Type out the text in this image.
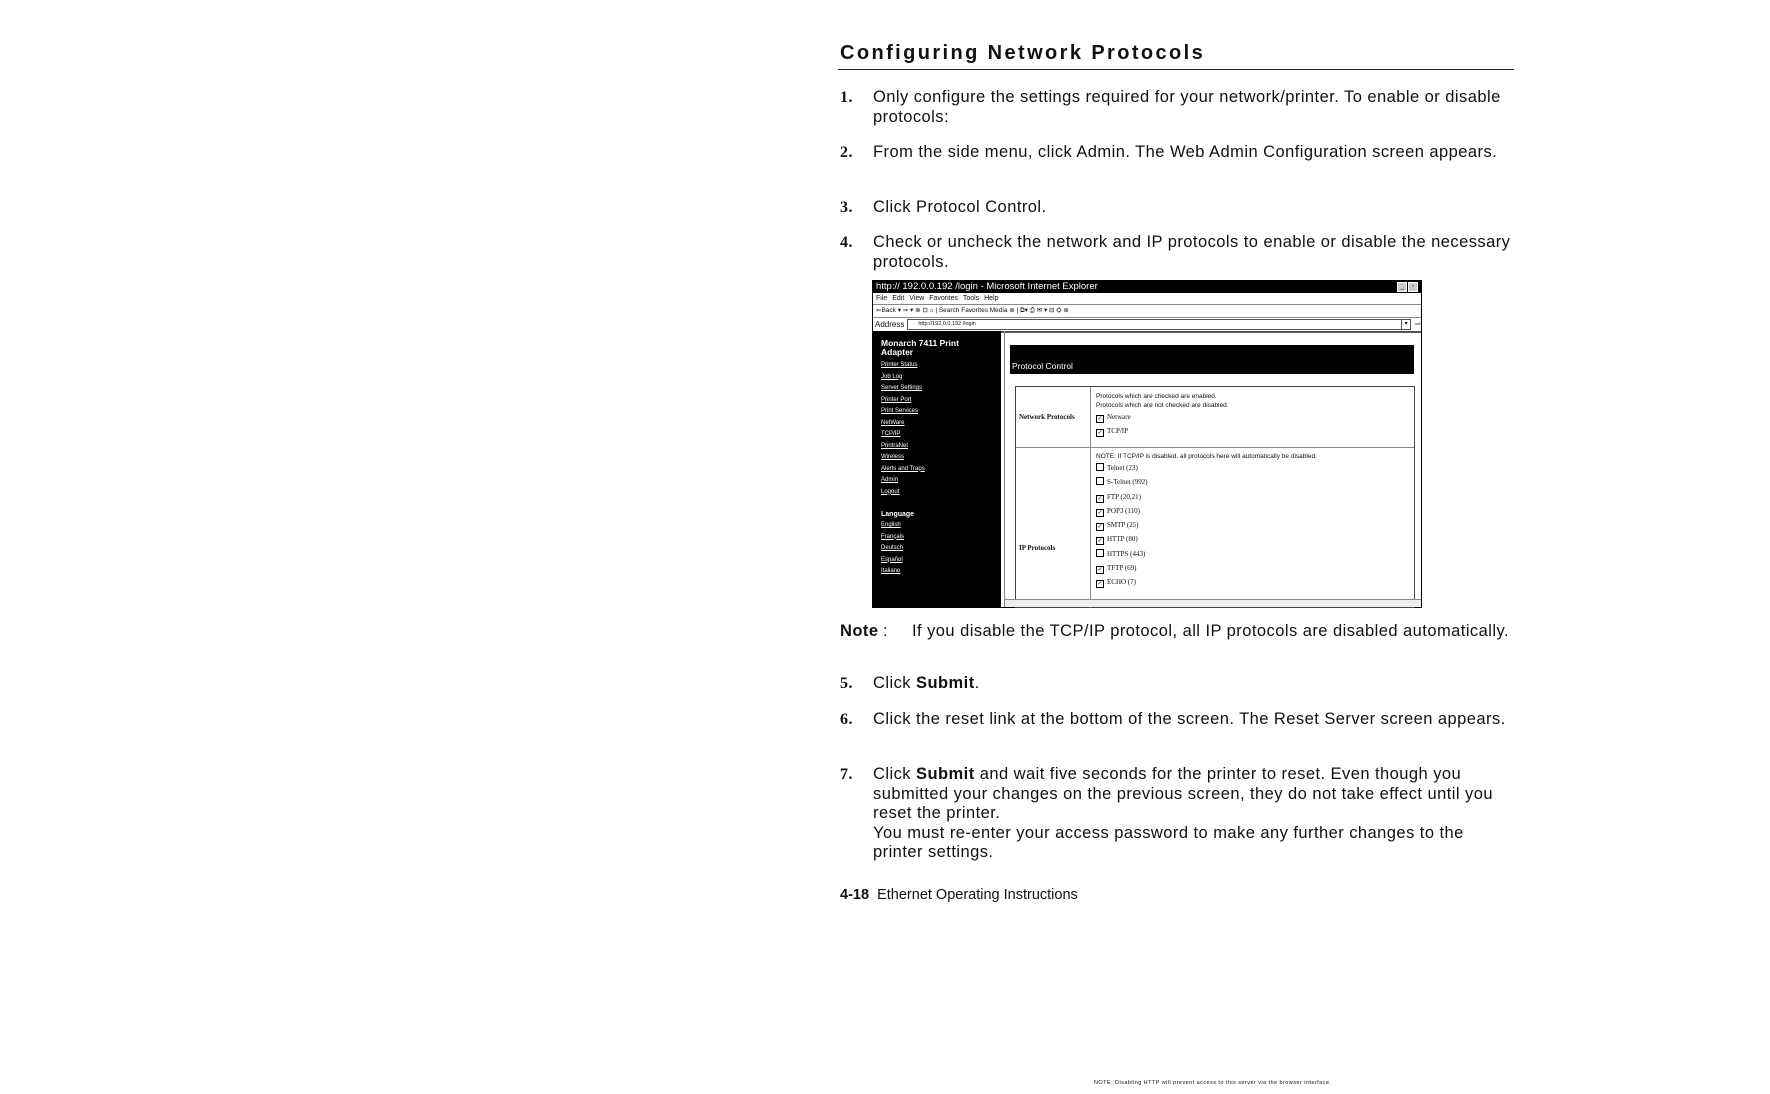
Configuring Network Protocols
1. Only configure the settings required for your network/printer. To enable or disable protocols:
2. From the side menu, click Admin. The Web Admin Configuration screen appears.
3. Click Protocol Control.
4. Check or uncheck the network and IP protocols to enable or disable the necessary protocols.
http:// 192.0.0.192 /login - Microsoft Internet Explorer	_	▫
File Edit View Favorites Tools Help
⇐Back ▾ ⇒ ▾ ⊗ ⊡ ⌂ | Search Favorites Media ⊛ | ⧉▾ ⎙ ✉ ▾ ⊟ ⛭ ⊕
Address	http://192.0.0.192 /login	▾	⇨
Monarch 7411 Print Adapter
Printer Status
Job Log
Server Settings
Printer Port
Print Services
NetWare
TCP/IP
PrintraNet
Wireless
Alerts and Traps
Admin
Logout
Language
English
Français
Deutsch
Español
Italiano
Protocol Control
Network Protocols
Protocols which are checked are enabled.
Protocols which are not checked are disabled.
✓ Netware
✓ TCP/IP
IP Protocols
NOTE: If TCP/IP is disabled, all protocols here will automatically be disabled.
Telnet (23)
S-Telnet (992)
✓ FTP (20,21)
✓ POP3 (110)
✓ SMTP (25)
✓ HTTP (80)
NOTE: Disabling HTTP will prevent access to this server via the browser interface.
HTTPS (443)
✓ TFTP (69)
✓ ECHO (7)
Note : If you disable the TCP/IP protocol, all IP protocols are disabled automatically.
5. Click Submit.
6. Click the reset link at the bottom of the screen. The Reset Server screen appears.
7. Click Submit and wait five seconds for the printer to reset. Even though you submitted your changes on the previous screen, they do not take effect until you reset the printer.
You must re-enter your access password to make any further changes to the printer settings.
4-18 Ethernet Operating Instructions
